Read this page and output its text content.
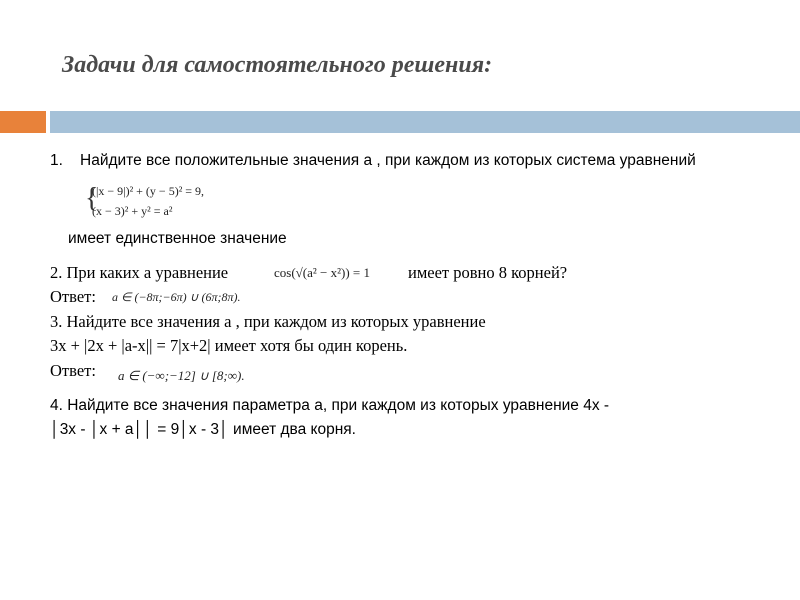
Задачи для самостоятельного решения:
1. Найдите все положительные значения а , при каждом из которых система уравнений
(|x − 9|)² + (y − 5)² = 9,
(x − 3)² + y² = a²
{
имеет единственное значение
2. При каких а уравнение	cos(√(a² − x²)) = 1 имеет ровно 8 корней?
Ответ: a ∈ (−8π;−6π) ∪ (6π;8π).
3. Найдите все значения а , при каждом из которых уравнение
3x + |2x + |a-x|| = 7|x+2| имеет хотя бы один корень.
Ответ: a ∈ (−∞;−12] ∪ [8;∞).
4. Найдите все значения параметра а, при каждом из которых уравнение 4х -
│3х - │х + а││ = 9│х - 3│ имеет два корня.
